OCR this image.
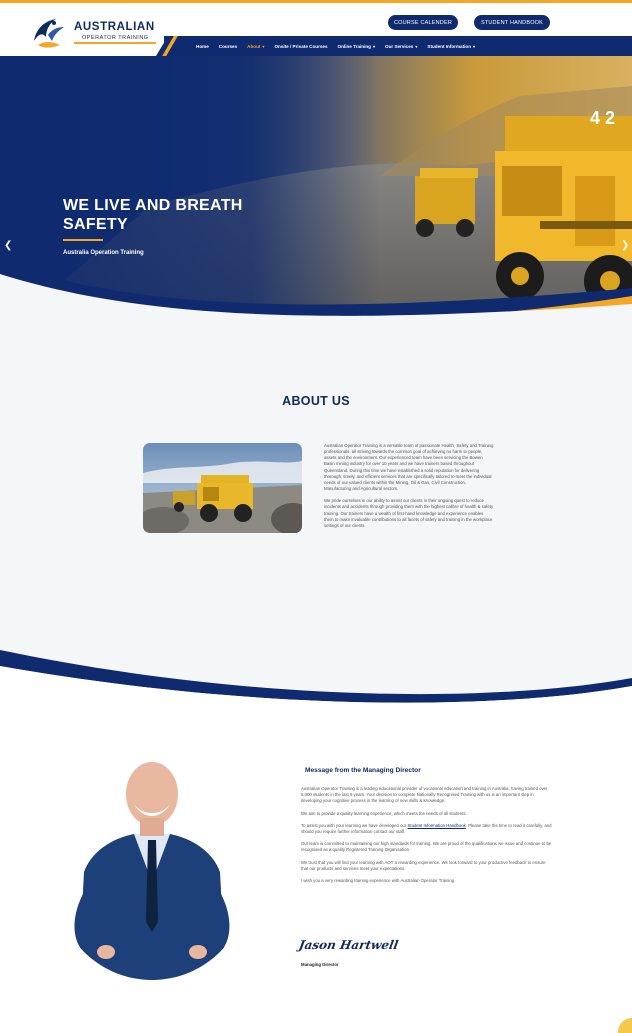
AUSTRALIAN
OPERATOR TRAINING
COURSE CALENDER	STUDENT HANDBOOK
Home Courses About ▾ Onsite / Private Courses Online Training ▾ Our Services ▾ Student Information ▾
WE LIVE AND BREATH SAFETY
Australia Operation Training
❮	❯
ABOUT US

Australian Operator Training is a versatile team of passionate Health, Safety and Training professionals, all striving towards the common goal of achieving no harm to people, assets and the environment. Our experienced team have been servicing the Bowen Basin mining industry for over 10 years and we have trainers based throughout Queensland. During this time we have established a solid reputation for delivering thorough, timely, and efficient services that are specifically tailored to meet the individual needs of our valued clients within the Mining, Oil & Gas, Civil Construction, Manufacturing and Agricultural sectors.

We pride ourselves in our ability to assist our clients in their ongoing quest to reduce incidents and accidents through providing them with the highest calibre of health & safety training. Our trainers have a wealth of first-hand knowledge and experience enables them to make invaluable contributions to all facets of safety and training in the workplace settings of our clients.

Message from the Managing Director

Australian Operator Training is a leading educational provider of vocational education and training in Australia, having trained over 5,000 students in the last 5 years. Your decision to complete Nationally Recognised Training with us is an important step in developing your cognitive process in the learning of new skills & knowledge.

We aim to provide a quality learning experience, which meets the needs of all students.

To assist you with your learning we have developed our Student Information Handbook. Please take the time to read it carefully, and should you require further information contact our staff.

Our team is committed to maintaining our high standards for training. We are proud of the qualifications we issue and continue to be recognised as a quality Registered Training Organisation.

We trust that you will find your learning with AOT a rewarding experience. We look forward to your productive feedback to ensure that our products and services meet your expectations.

I wish you a very rewarding training experience with Australian Operator Training

Jason Hartwell
Managing Director
